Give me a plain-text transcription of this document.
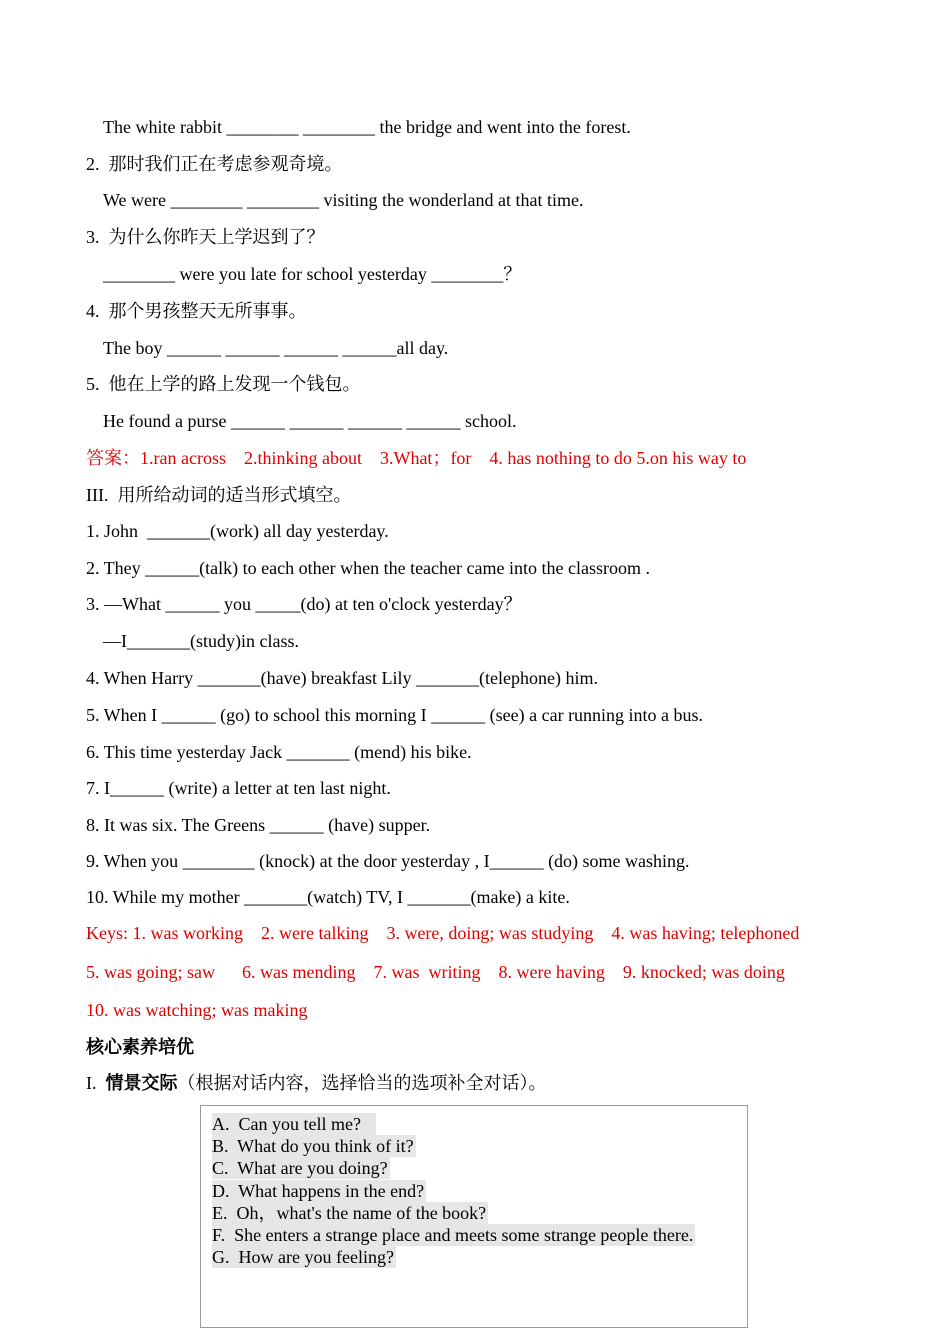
The white rabbit ________ ________ the bridge and went into the forest.
2.  那时我们正在考虑参观奇境。
We were ________ ________ visiting the wonderland at that time.
3.  为什么你昨天上学迟到了？
________ were you late for school yesterday ________？
4.  那个男孩整天无所事事。
The boy ______ ______ ______ ______all day.
5.  他在上学的路上发现一个钱包。
He found a purse ______ ______ ______ ______ school.
答案：1.ran across    2.thinking about    3.What；for    4. has nothing to do 5.on his way to
III.  用所给动词的适当形式填空。
1. John  _______(work) all day yesterday.
2. They ______(talk) to each other when the teacher came into the classroom .
3. —What ______ you _____(do) at ten o'clock yesterday？
—I_______(study)in class.
4. When Harry _______(have) breakfast Lily _______(telephone) him.
5. When I ______ (go) to school this morning I ______ (see) a car running into a bus.
6. This time yesterday Jack _______ (mend) his bike.
7. I______ (write) a letter at ten last night.
8. It was six. The Greens ______ (have) supper.
9. When you ________ (knock) at the door yesterday , I______ (do) some washing.
10. While my mother _______(watch) TV, I _______(make) a kite.
Keys: 1. was working    2. were talking    3. were, doing; was studying    4. was having; telephoned
5. was going; saw      6. was mending    7. was  writing    8. were having    9. knocked; was doing
10. was watching; was making
核心素养培优
I.  情景交际（根据对话内容，选择恰当的选项补全对话）。
A.  Can you tell me?
B.  What do you think of it?
C.  What are you doing?
D.  What happens in the end?
E.  Oh，what's the name of the book?
F.  She enters a strange place and meets some strange people there.
G.  How are you feeling?
